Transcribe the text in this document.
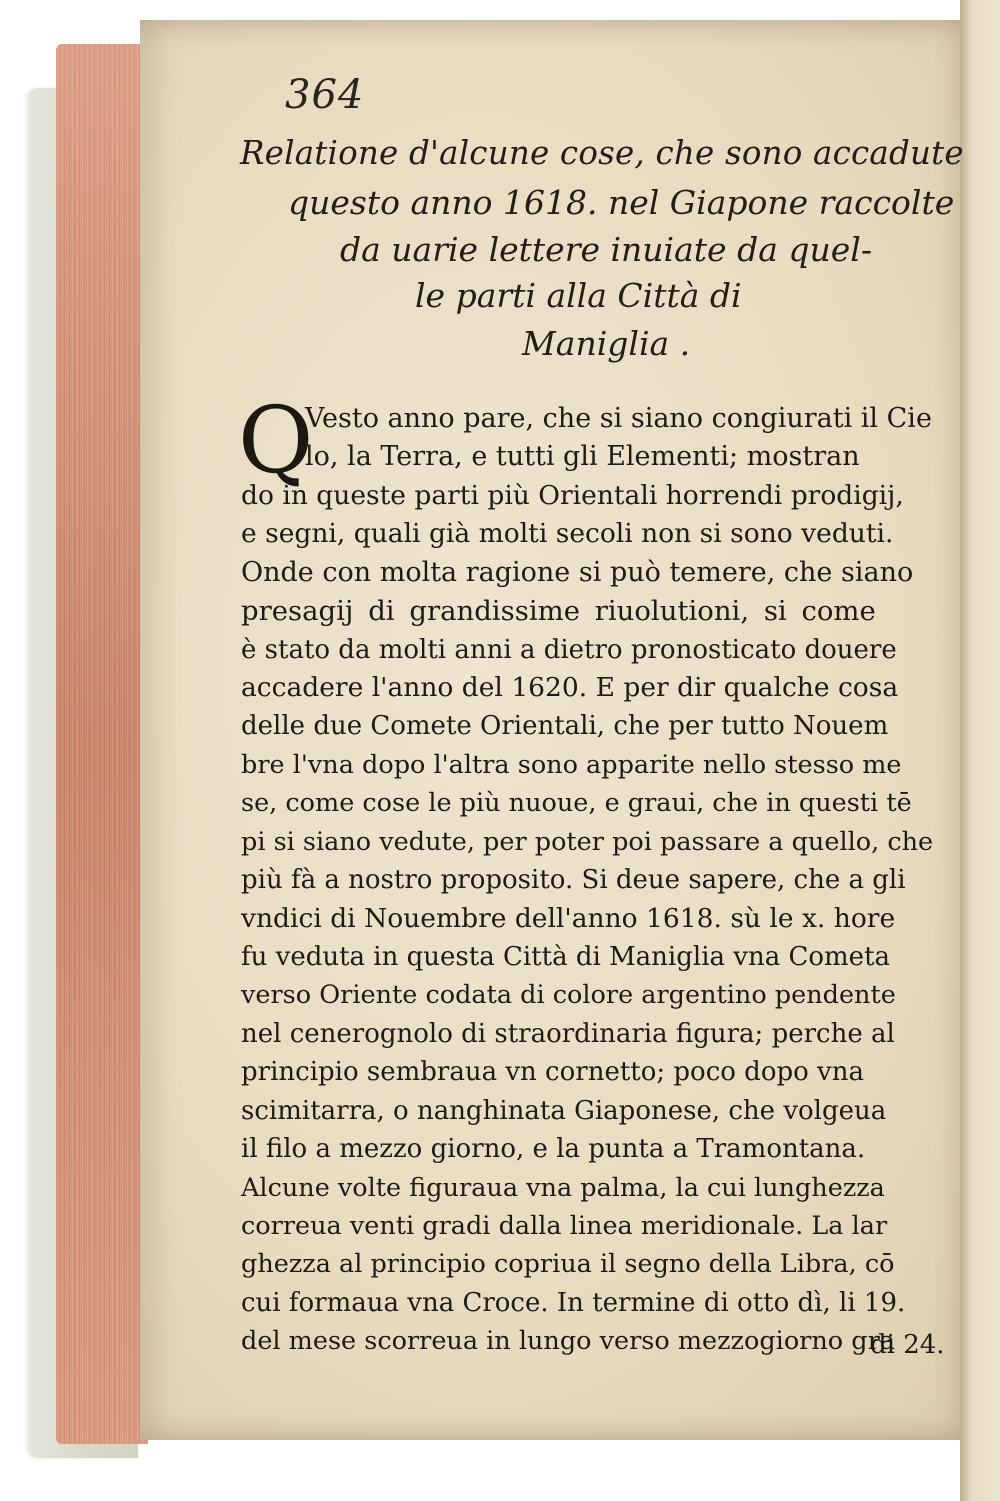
364
Relatione d'alcune cose, che sono accadute
questo anno 1618. nel Giapone raccolte
da uarie lettere inuiate da quel-
le parti alla Città di
Maniglia .
Q
Vesto anno pare, che si siano congiurati il Cie
lo, la Terra, e tutti gli Elementi; mostran
do in queste parti più Orientali horrendi prodigij,
e segni, quali già molti secoli non si sono veduti.
Onde con molta ragione si può temere, che siano
presagij di grandissime riuolutioni, si come
è stato da molti anni a dietro pronosticato douere
accadere l'anno del 1620. E per dir qualche cosa
delle due Comete Orientali, che per tutto Nouem
bre l'vna dopo l'altra sono apparite nello stesso me
se, come cose le più nuoue, e graui, che in questi tē
pi si siano vedute, per poter poi passare a quello, che
più fà a nostro proposito. Si deue sapere, che a gli
vndici di Nouembre dell'anno 1618. sù le x. hore
fu veduta in questa Città di Maniglia vna Cometa
verso Oriente codata di colore argentino pendente
nel cenerognolo di straordinaria figura; perche al
principio sembraua vn cornetto; poco dopo vna
scimitarra, o nanghinata Giaponese, che volgeua
il filo a mezzo giorno, e la punta a Tramontana.
Alcune volte figuraua vna palma, la cui lunghezza
correua venti gradi dalla linea meridionale. La lar
ghezza al principio copriua il segno della Libra, cō
cui formaua vna Croce. In termine di otto dì, li 19.
del mese scorreua in lungo verso mezzogiorno gra
di 24.
